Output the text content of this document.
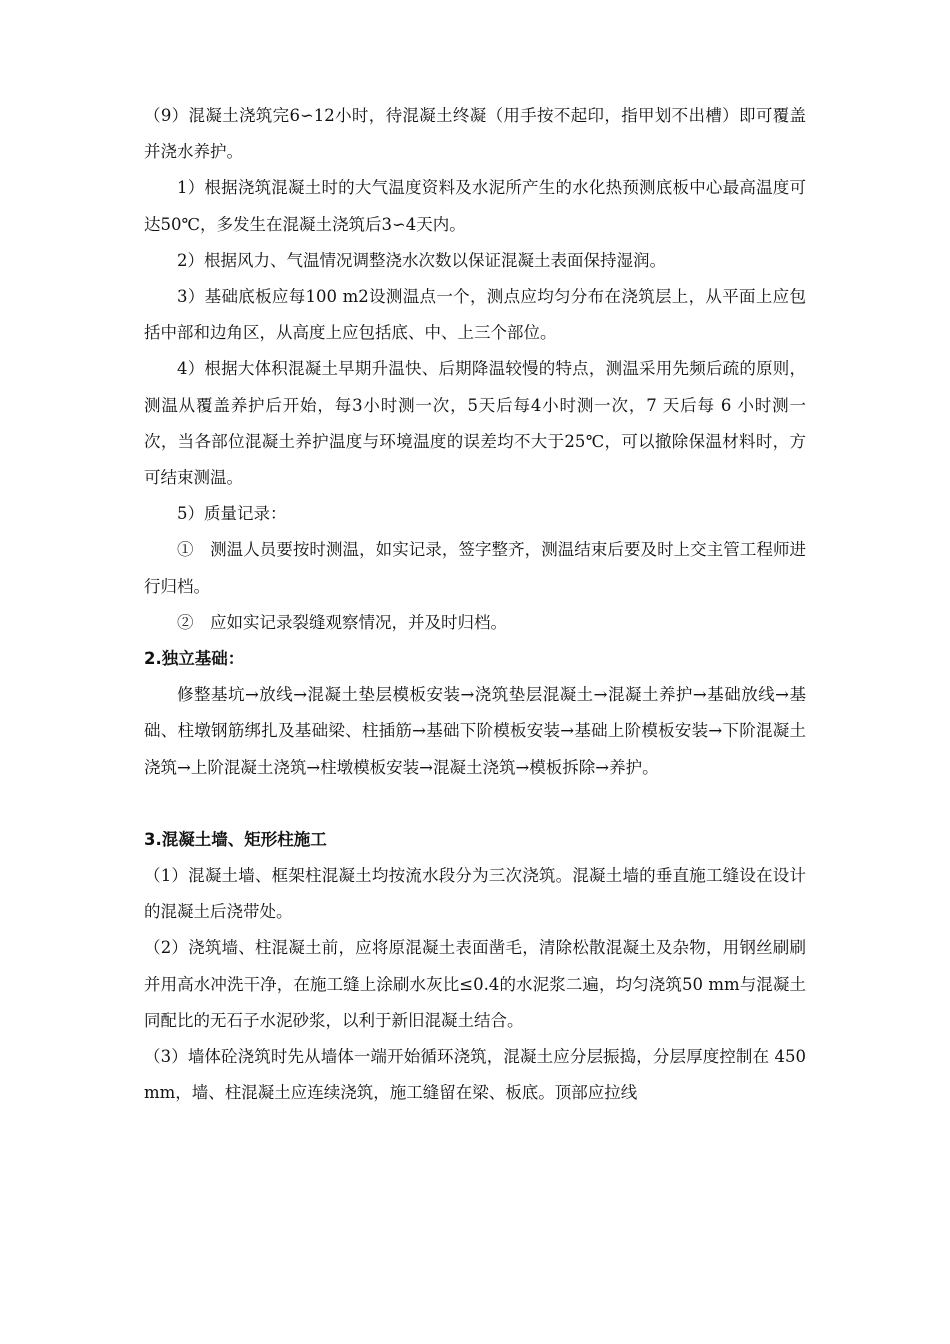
（9）混凝土浇筑完6∽12小时，待混凝土终凝（用手按不起印，指甲划不出槽）即可覆盖并浇水养护。

1）根据浇筑混凝土时的大气温度资料及水泥所产生的水化热预测底板中心最高温度可达50℃，多发生在混凝土浇筑后3∽4天内。

2）根据风力、气温情况调整浇水次数以保证混凝土表面保持湿润。

3）基础底板应每100 m2设测温点一个，测点应均匀分布在浇筑层上，从平面上应包括中部和边角区，从高度上应包括底、中、上三个部位。

4）根据大体积混凝土早期升温快、后期降温较慢的特点，测温采用先频后疏的原则，测温从覆盖养护后开始，每3小时测一次，5天后每4小时测一次，7 天后每 6 小时测一次，当各部位混凝土养护温度与环境温度的误差均不大于25℃，可以撤除保温材料时，方可结束测温。

5）质量记录：

①　测温人员要按时测温，如实记录，签字整齐，测温结束后要及时上交主管工程师进行归档。

②　应如实记录裂缝观察情况，并及时归档。

2.独立基础：

修整基坑→放线→混凝土垫层模板安装→浇筑垫层混凝土→混凝土养护→基础放线→基础、柱墩钢筋绑扎及基础梁、柱插筋→基础下阶模板安装→基础上阶模板安装→下阶混凝土浇筑→上阶混凝土浇筑→柱墩模板安装→混凝土浇筑→模板拆除→养护。

3.混凝土墙、矩形柱施工

（1）混凝土墙、框架柱混凝土均按流水段分为三次浇筑。混凝土墙的垂直施工缝设在设计的混凝土后浇带处。

（2）浇筑墙、柱混凝土前，应将原混凝土表面凿毛，清除松散混凝土及杂物，用钢丝刷刷并用高水冲洗干净，在施工缝上涂刷水灰比≤0.4的水泥浆二遍，均匀浇筑50 mm与混凝土同配比的无石子水泥砂浆，以利于新旧混凝土结合。

（3）墙体砼浇筑时先从墙体一端开始循环浇筑，混凝土应分层振捣，分层厚度控制在 450 mm，墙、柱混凝土应连续浇筑，施工缝留在梁、板底。顶部应拉线
